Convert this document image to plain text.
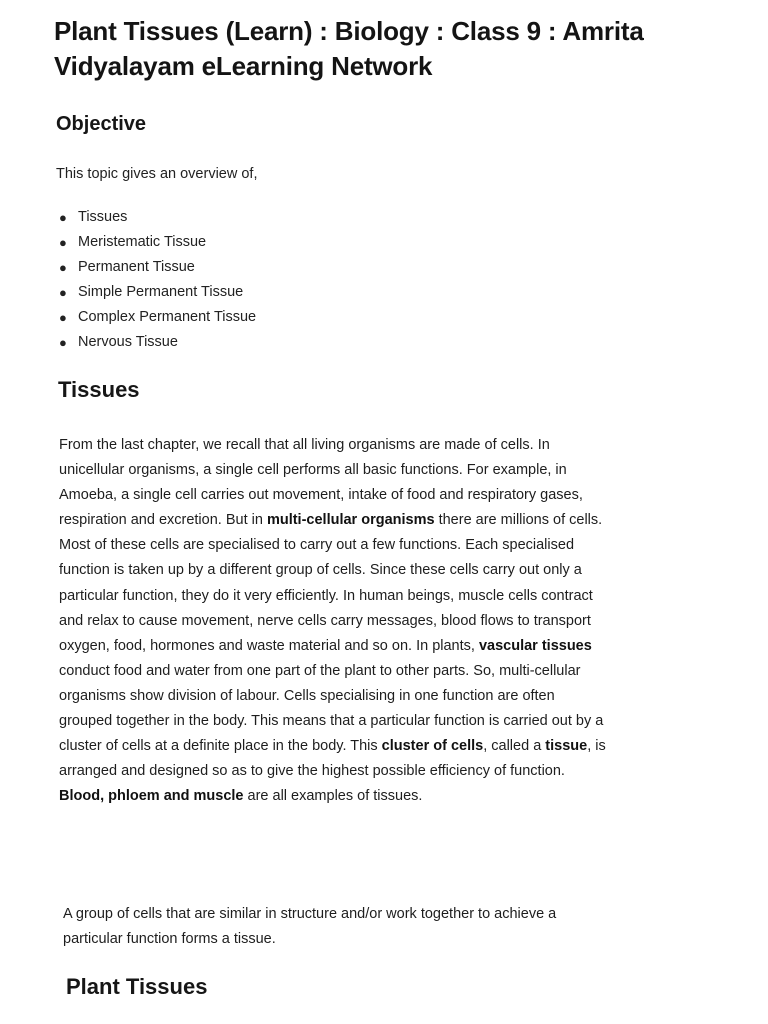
Plant Tissues (Learn) : Biology : Class 9 : Amrita Vidyalayam eLearning Network
Objective

This topic gives an overview of,

● Tissues
● Meristematic Tissue
● Permanent Tissue
● Simple Permanent Tissue
● Complex Permanent Tissue
● Nervous Tissue
Tissues

From the last chapter, we recall that all living organisms are made of cells. In unicellular organisms, a single cell performs all basic functions. For example, in Amoeba, a single cell carries out movement, intake of food and respiratory gases, respiration and excretion. But in multi-cellular organisms there are millions of cells. Most of these cells are specialised to carry out a few functions. Each specialised function is taken up by a different group of cells. Since these cells carry out only a particular function, they do it very efficiently. In human beings, muscle cells contract and relax to cause movement, nerve cells carry messages, blood flows to transport oxygen, food, hormones and waste material and so on. In plants, vascular tissues conduct food and water from one part of the plant to other parts. So, multi-cellular organisms show division of labour. Cells specialising in one function are often grouped together in the body. This means that a particular function is carried out by a cluster of cells at a definite place in the body. This cluster of cells, called a tissue, is arranged and designed so as to give the highest possible efficiency of function. Blood, phloem and muscle are all examples of tissues.

A group of cells that are similar in structure and/or work together to achieve a particular function forms a tissue.

Plant Tissues
